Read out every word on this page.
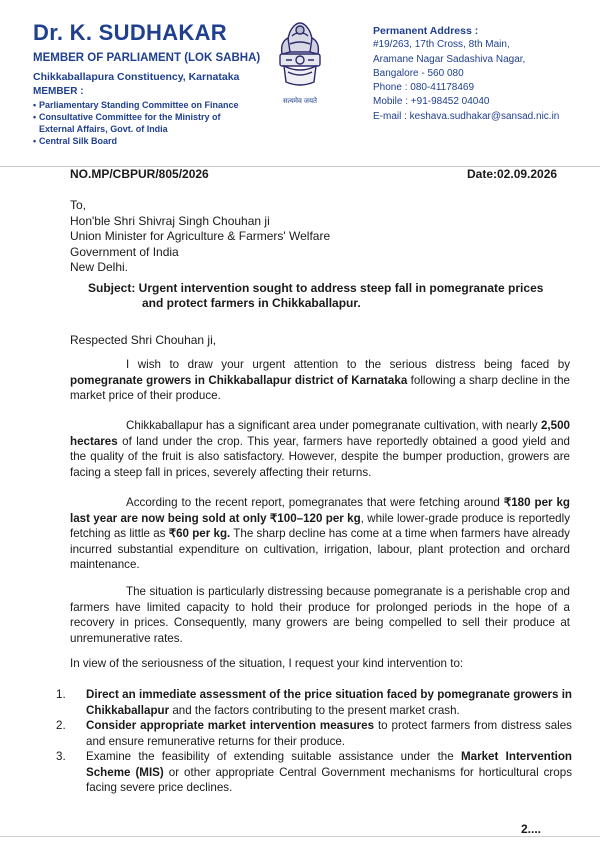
Dr. K. SUDHAKAR
MEMBER OF PARLIAMENT (LOK SABHA)
Chikkaballapura Constituency, Karnataka
MEMBER :
• Parliamentary Standing Committee on Finance
• Consultative Committee for the Ministry of
External Affairs, Govt. of India
• Central Silk Board
सत्यमेव जयते
Permanent Address :
#19/263, 17th Cross, 8th Main,
Aramane Nagar Sadashiva Nagar,
Bangalore - 560 080
Phone : 080-41178469
Mobile : +91-98452 04040
E-mail : keshava.sudhakar@sansad.nic.in
NO.MP/CBPUR/805/2026	Date:02.09.2026
To,
Hon'ble Shri Shivraj Singh Chouhan ji
Union Minister for Agriculture & Farmers' Welfare
Government of India
New Delhi.
Subject: Urgent intervention sought to address steep fall in pomegranate prices
and protect farmers in Chikkaballapur.
Respected Shri Chouhan ji,

I wish to draw your urgent attention to the serious distress being faced by pomegranate growers in Chikkaballapur district of Karnataka following a sharp decline in the market price of their produce.

Chikkaballapur has a significant area under pomegranate cultivation, with nearly 2,500 hectares of land under the crop. This year, farmers have reportedly obtained a good yield and the quality of the fruit is also satisfactory. However, despite the bumper production, growers are facing a steep fall in prices, severely affecting their returns.

According to the recent report, pomegranates that were fetching around ₹180 per kg last year are now being sold at only ₹100–120 per kg, while lower-grade produce is reportedly fetching as little as ₹60 per kg. The sharp decline has come at a time when farmers have already incurred substantial expenditure on cultivation, irrigation, labour, plant protection and orchard maintenance.

The situation is particularly distressing because pomegranate is a perishable crop and farmers have limited capacity to hold their produce for prolonged periods in the hope of a recovery in prices. Consequently, many growers are being compelled to sell their produce at unremunerative rates.

In view of the seriousness of the situation, I request your kind intervention to:

1. Direct an immediate assessment of the price situation faced by pomegranate growers in Chikkaballapur and the factors contributing to the present market crash.
2. Consider appropriate market intervention measures to protect farmers from distress sales and ensure remunerative returns for their produce.
3. Examine the feasibility of extending suitable assistance under the Market Intervention Scheme (MIS) or other appropriate Central Government mechanisms for horticultural crops facing severe price declines.
2....
